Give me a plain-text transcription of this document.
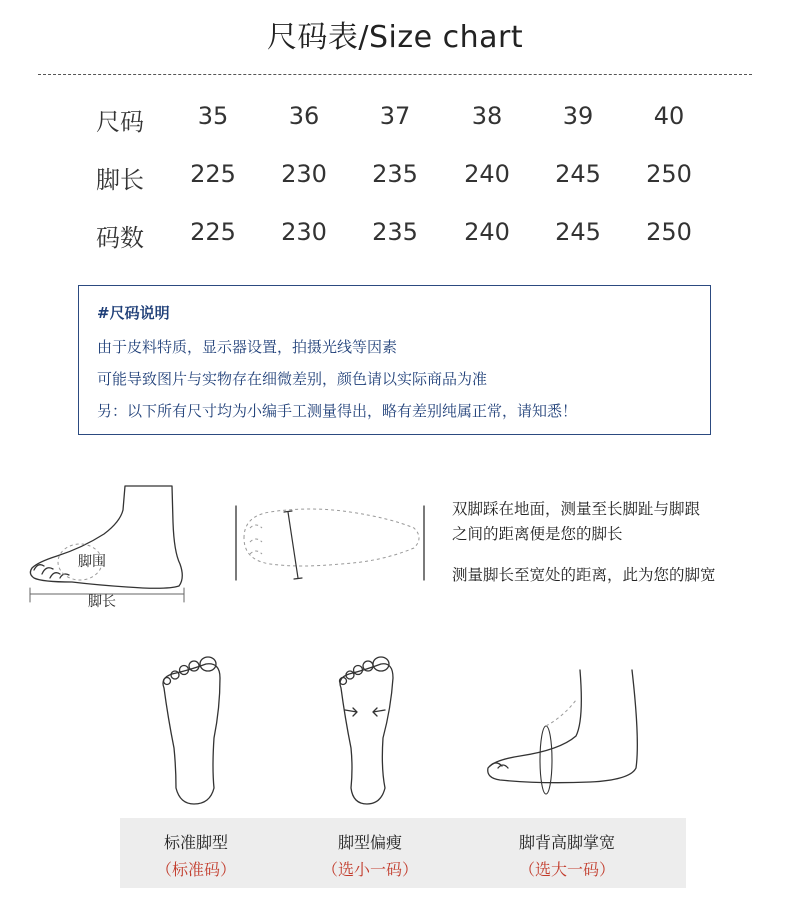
尺码表/Size chart
尺码	35	36	37	38	39	40
脚长	225	230	235	240	245	250
码数	225	230	235	240	245	250
#尺码说明
由于皮料特质，显示器设置，拍摄光线等因素
可能导致图片与实物存在细微差别，颜色请以实际商品为准
另：以下所有尺寸均为小编手工测量得出，略有差别纯属正常，请知悉！
脚围
脚长
双脚踩在地面，测量至长脚趾与脚跟
之间的距离便是您的脚长
测量脚长至宽处的距离，此为您的脚宽
标准脚型
（标准码）
脚型偏瘦
（选小一码）
脚背高脚掌宽
（选大一码）
